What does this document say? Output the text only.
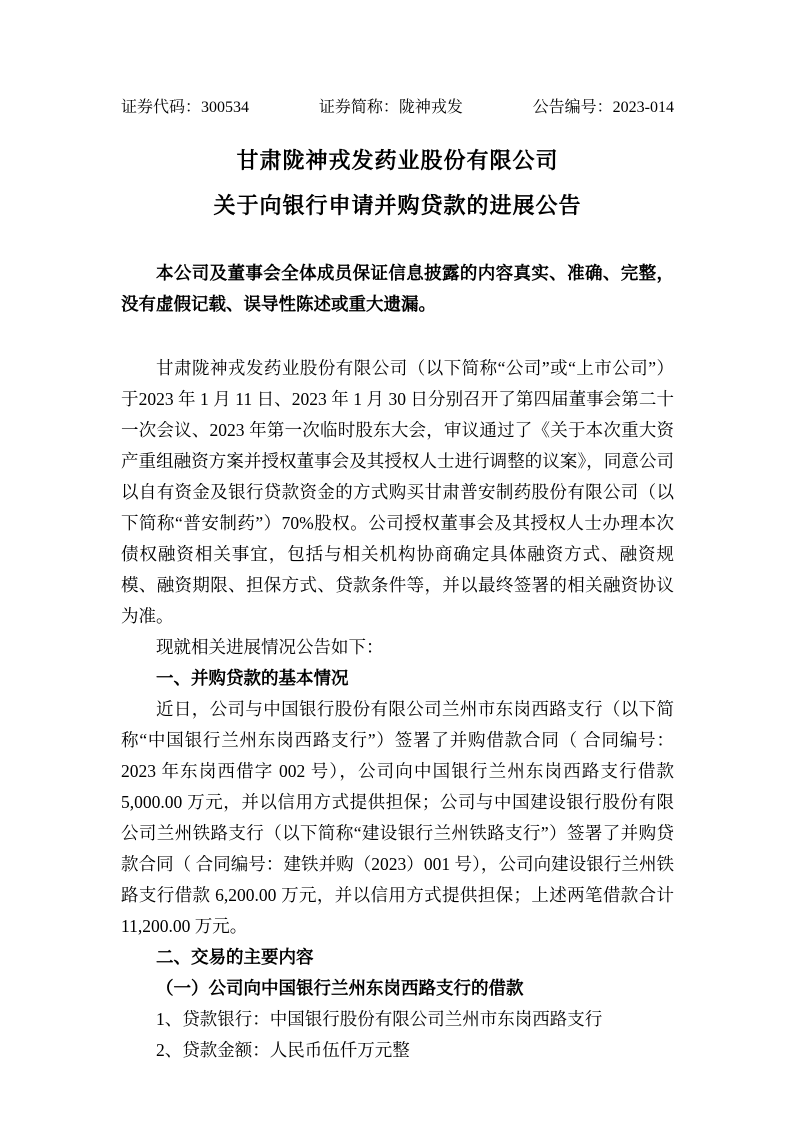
证券代码：300534	证券简称：陇神戎发	公告编号：2023-014
甘肃陇神戎发药业股份有限公司
关于向银行申请并购贷款的进展公告

本公司及董事会全体成员保证信息披露的内容真实、准确、完整，没有虚假记载、误导性陈述或重大遗漏。

甘肃陇神戎发药业股份有限公司（以下简称“公司”或“上市公司”）于2023 年 1 月 11 日、2023 年 1 月 30 日分别召开了第四届董事会第二十一次会议、2023 年第一次临时股东大会，审议通过了《关于本次重大资产重组融资方案并授权董事会及其授权人士进行调整的议案》，同意公司以自有资金及银行贷款资金的方式购买甘肃普安制药股份有限公司（以下简称“普安制药”）70%股权。公司授权董事会及其授权人士办理本次债权融资相关事宜，包括与相关机构协商确定具体融资方式、融资规模、融资期限、担保方式、贷款条件等，并以最终签署的相关融资协议为准。

现就相关进展情况公告如下：

一、并购贷款的基本情况

近日，公司与中国银行股份有限公司兰州市东岗西路支行（以下简称“中国银行兰州东岗西路支行”）签署了并购借款合同（ 合同编号：2023 年东岗西借字 002 号），公司向中国银行兰州东岗西路支行借款 5,000.00 万元，并以信用方式提供担保；公司与中国建设银行股份有限公司兰州铁路支行（以下简称“建设银行兰州铁路支行”）签署了并购贷款合同（ 合同编号：建铁并购（2023）001 号），公司向建设银行兰州铁路支行借款 6,200.00 万元，并以信用方式提供担保；上述两笔借款合计 11,200.00 万元。

二、交易的主要内容

（一）公司向中国银行兰州东岗西路支行的借款

1、贷款银行：中国银行股份有限公司兰州市东岗西路支行

2、贷款金额：人民币伍仟万元整
